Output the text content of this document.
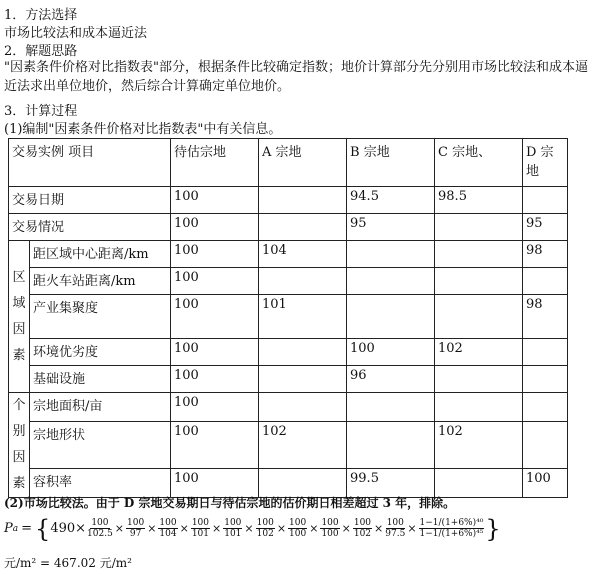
1．方法选择
市场比较法和成本逼近法
2．解题思路
"因素条件价格对比指数表"部分，根据条件比较确定指数；地价计算部分先分别用市场比较法和成本逼近法求出单位地价，然后综合计算确定单位地价。
3．计算过程
(1)编制"因素条件价格对比指数表"中有关信息。
交易实例 项目		待估宗地	A 宗地	B 宗地	C 宗地、	D 宗地
交易日期		100		94.5	98.5	
交易情况		100		95		95

区
域
因
素	距区域中心距离/km	100	104			98
	距火车站距离/km	100				
	产业集聚度	100	101			98
	环境优劣度	100		100	102	
	基础设施	100		96		

个
别
因
素	宗地面积/亩	100				
	宗地形状	100	102		102	
	容积率	100		99.5		100
(2)市场比较法。由于 D 宗地交易期日与待估宗地的估价期日相差超过 3 年，排除。
P a = { $490\times \frac{100}{102.5} \times \frac{100}{97} \times \frac{100}{104} \times \frac{100}{101} \times \frac{100}{101} \times \frac{100}{102} \times \frac{100}{100} \times \frac{100}{100} \times \frac{100}{102} \times \frac{100}{97.5} \times \frac{\text{1−1/(1+6\%)⁴⁰}}{\text{1−1/(1+6\%)⁴⁵}}$ }
元/m² = 467.02 元/m²
